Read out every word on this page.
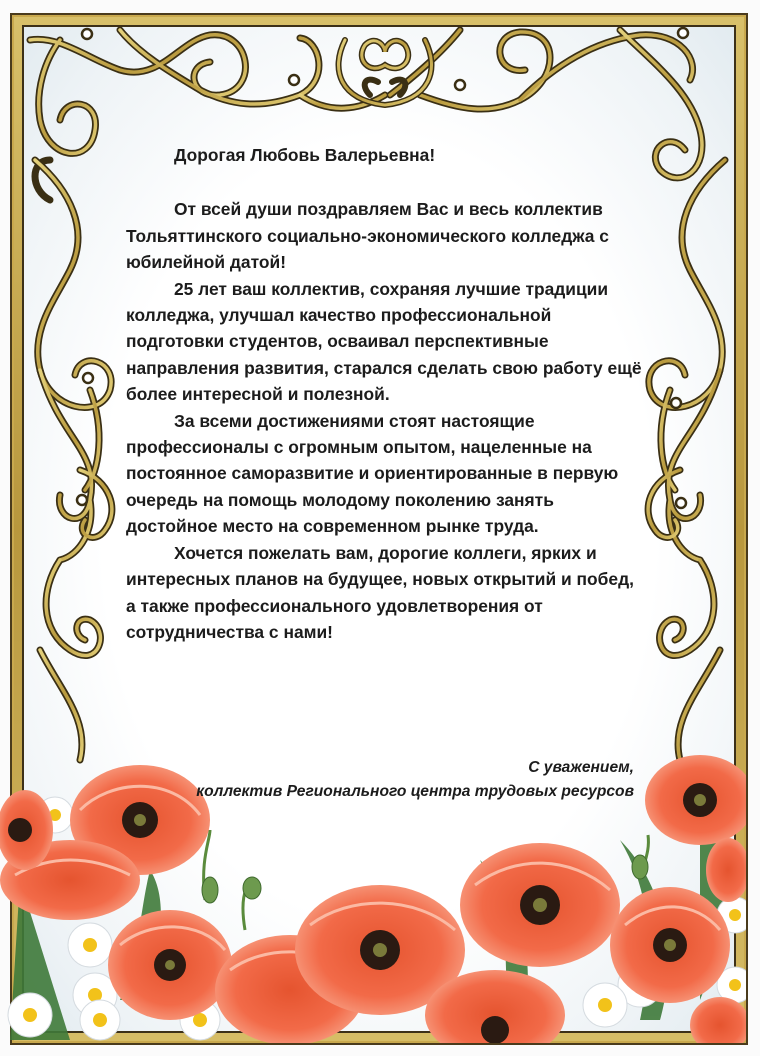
Дорогая Любовь Валерьевна!

От всей души поздравляем Вас и весь коллектив Тольяттинского социально-экономического колледжа с юбилейной датой!

25 лет ваш коллектив, сохраняя лучшие традиции колледжа, улучшал качество профессиональной подготовки студентов, осваивал перспективные направления развития, старался сделать свою работу ещё более интересной и полезной.

За всеми достижениями стоят настоящие профессионалы с огромным опытом, нацеленные на постоянное саморазвитие и ориентированные в первую очередь на помощь молодому поколению занять достойное место на современном рынке труда.

Хочется пожелать вам, дорогие коллеги, ярких и интересных планов на будущее, новых открытий и побед, а также профессионального удовлетворения от сотрудничества с нами!

С уважением,
коллектив Регионального центра трудовых ресурсов
